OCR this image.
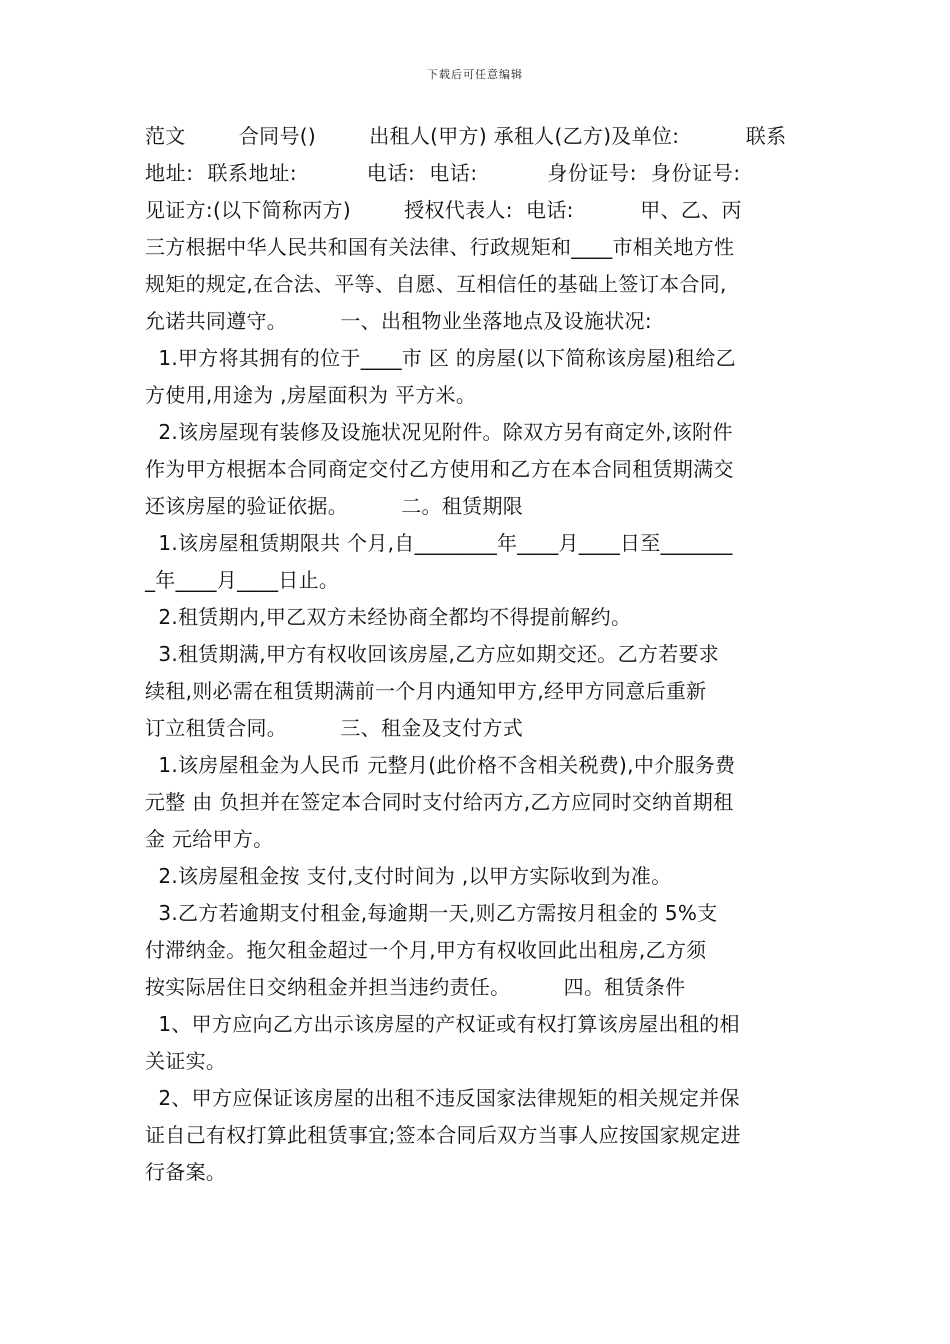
下载后可任意编辑
范文        合同号()        出租人(甲方) 承租人(乙方)及单位:          联系
地址:  联系地址:          电话:  电话:          身份证号:  身份证号:
见证方:(以下简称丙方)        授权代表人:  电话:          甲、乙、丙
三方根据中华人民共和国有关法律、行政规矩和____市相关地方性
规矩的规定,在合法、平等、自愿、互相信任的基础上签订本合同,
允诺共同遵守。        一、出租物业坐落地点及设施状况:
1.甲方将其拥有的位于____市 区 的房屋(以下简称该房屋)租给乙
方使用,用途为 ,房屋面积为 平方米。
2.该房屋现有装修及设施状况见附件。除双方另有商定外,该附件
作为甲方根据本合同商定交付乙方使用和乙方在本合同租赁期满交
还该房屋的验证依据。        二。租赁期限
1.该房屋租赁期限共 个月,自________年____月____日至_______
_年____月____日止。
2.租赁期内,甲乙双方未经协商全都均不得提前解约。
3.租赁期满,甲方有权收回该房屋,乙方应如期交还。乙方若要求
续租,则必需在租赁期满前一个月内通知甲方,经甲方同意后重新
订立租赁合同。        三、租金及支付方式
1.该房屋租金为人民币 元整月(此价格不含相关税费),中介服务费
元整 由 负担并在签定本合同时支付给丙方,乙方应同时交纳首期租
金 元给甲方。
2.该房屋租金按 支付,支付时间为 ,以甲方实际收到为准。
3.乙方若逾期支付租金,每逾期一天,则乙方需按月租金的 5%支
付滞纳金。拖欠租金超过一个月,甲方有权收回此出租房,乙方须
按实际居住日交纳租金并担当违约责任。        四。租赁条件
1、甲方应向乙方出示该房屋的产权证或有权打算该房屋出租的相
关证实。
2、甲方应保证该房屋的出租不违反国家法律规矩的相关规定并保
证自己有权打算此租赁事宜;签本合同后双方当事人应按国家规定进
行备案。
